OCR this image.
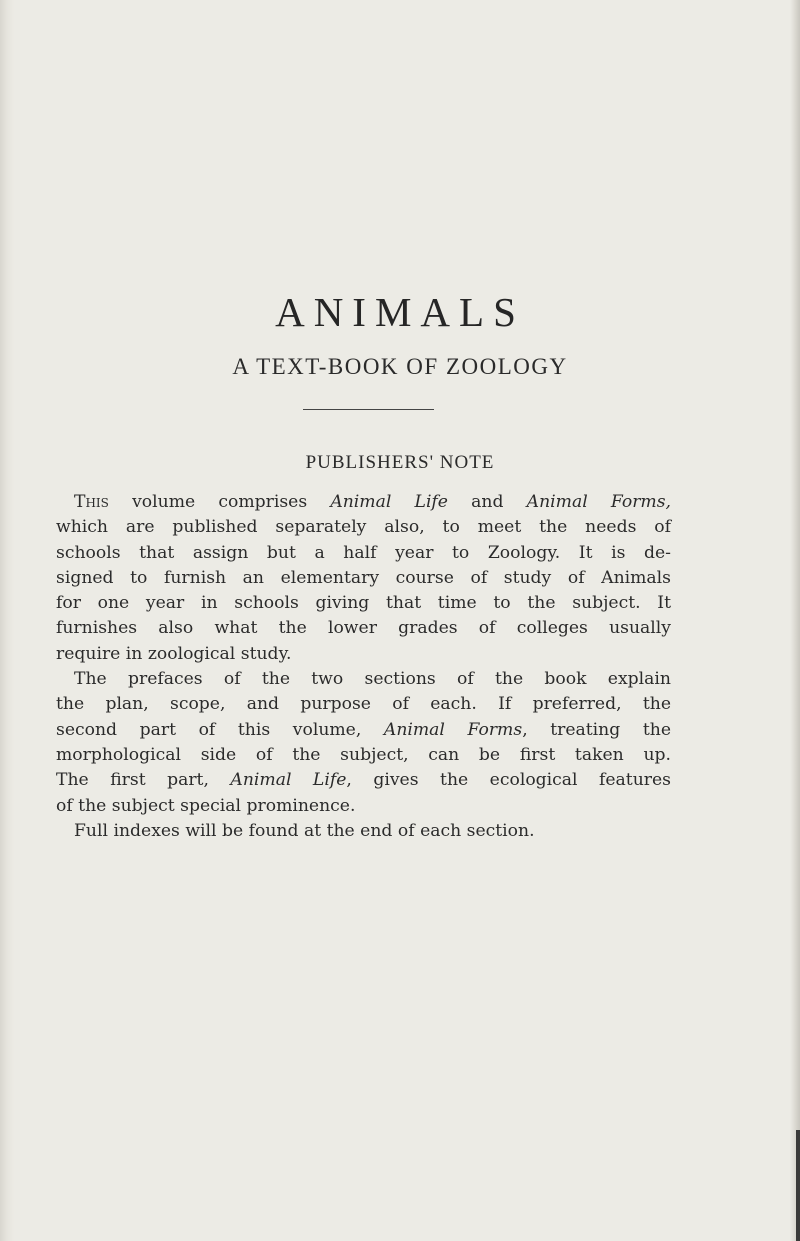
ANIMALS
A TEXT-BOOK OF ZOOLOGY
PUBLISHERS' NOTE
This volume comprises Animal Life and Animal Forms,
which are published separately also, to meet the needs of
schools that assign but a half year to Zoology. It is de-
signed to furnish an elementary course of study of Animals
for one year in schools giving that time to the subject. It
furnishes also what the lower grades of colleges usually
require in zoological study.
The prefaces of the two sections of the book explain
the plan, scope, and purpose of each. If preferred, the
second part of this volume, Animal Forms, treating the
morphological side of the subject, can be first taken up.
The first part, Animal Life, gives the ecological features
of the subject special prominence.
Full indexes will be found at the end of each section.
